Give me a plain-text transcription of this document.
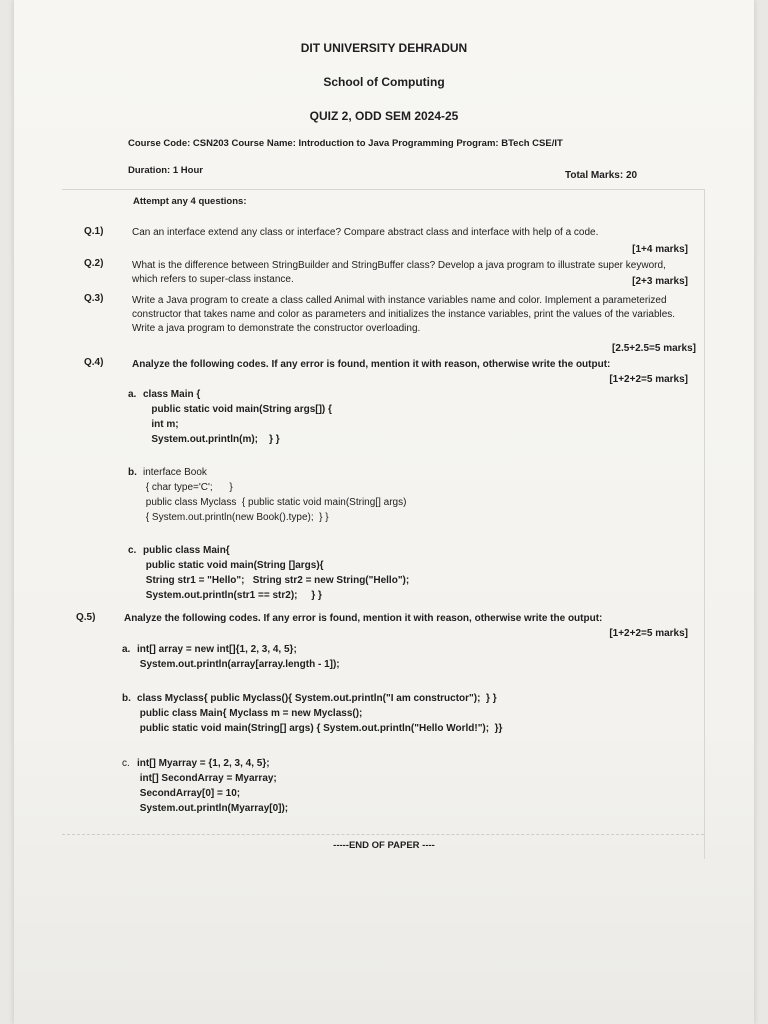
DIT UNIVERSITY DEHRADUN
School of Computing
QUIZ 2, ODD SEM 2024-25
Course Code: CSN203 Course Name: Introduction to Java Programming Program: BTech CSE/IT
Duration: 1 Hour	Total Marks: 20
Attempt any 4 questions:
Q.1)	Can an interface extend any class or interface? Compare abstract class and interface with help of a code.
[1+4 marks]
Q.2)	What is the difference between StringBuilder and StringBuffer class? Develop a java program to illustrate super keyword, which refers to super-class instance.	[2+3 marks]
Q.3)	Write a Java program to create a class called Animal with instance variables name and color. Implement a parameterized constructor that takes name and color as parameters and initializes the instance variables, print the values of the variables. Write a java program to demonstrate the constructor overloading.
[2.5+2.5=5 marks]
Q.4)	Analyze the following codes. If any error is found, mention it with reason, otherwise write the output:
[1+2+2=5 marks]
a. class Main {
public static void main(String args[]) {
int m;
System.out.println(m);    } }
b. interface Book
{ char type='C';      }
public class Myclass  { public static void main(String[] args)
{ System.out.println(new Book().type);  } }
c. public class Main{
public static void main(String []args){
String str1 = "Hello";   String str2 = new String("Hello");
System.out.println(str1 == str2);     } }
Q.5)	Analyze the following codes. If any error is found, mention it with reason, otherwise write the output:
[1+2+2=5 marks]
a. int[] array = new int[]{1, 2, 3, 4, 5};
System.out.println(array[array.length - 1]);
b. class Myclass{ public Myclass(){ System.out.println("I am constructor");  } }
public class Main{ Myclass m = new Myclass();
public static void main(String[] args) { System.out.println("Hello World!");  }}
c. int[] Myarray = {1, 2, 3, 4, 5};
int[] SecondArray = Myarray;
SecondArray[0] = 10;
System.out.println(Myarray[0]);
-----END OF PAPER ----
